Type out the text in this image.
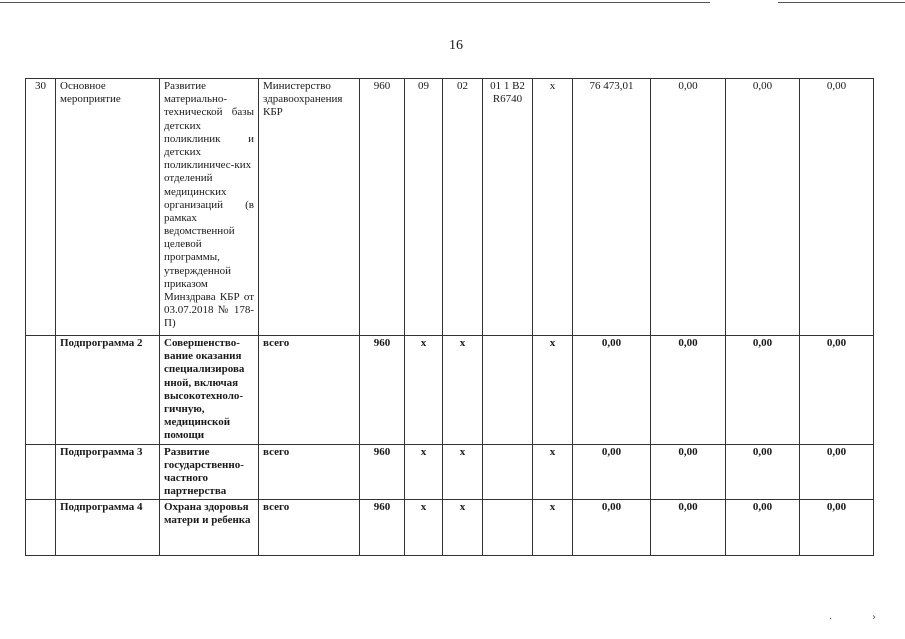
16
30	Основное мероприятие	Развитие материально-технической базы детских поликлиник и детских поликлиничес-ких отделений медицинских организаций (в рамках ведомственной целевой программы, утвержденной приказом Минздрава КБР от 03.07.2018 № 178-П)	Министерство здравоохранения КБР	960	09	02	01 1 В2 R6740	x	76 473,01	0,00	0,00	0,00
	Подпрограмма 2	Совершенство-вание оказания специализирова нной, включая высокотехноло-гичную, медицинской помощи	всего	960	x	x		x	0,00	0,00	0,00	0,00
	Подпрограмма 3	Развитие государственно-частного партнерства	всего	960	x	x		x	0,00	0,00	0,00	0,00
	Подпрограмма 4	Охрана здоровья матери и ребенка	всего	960	x	x		x	0,00	0,00	0,00	0,00
·	›
